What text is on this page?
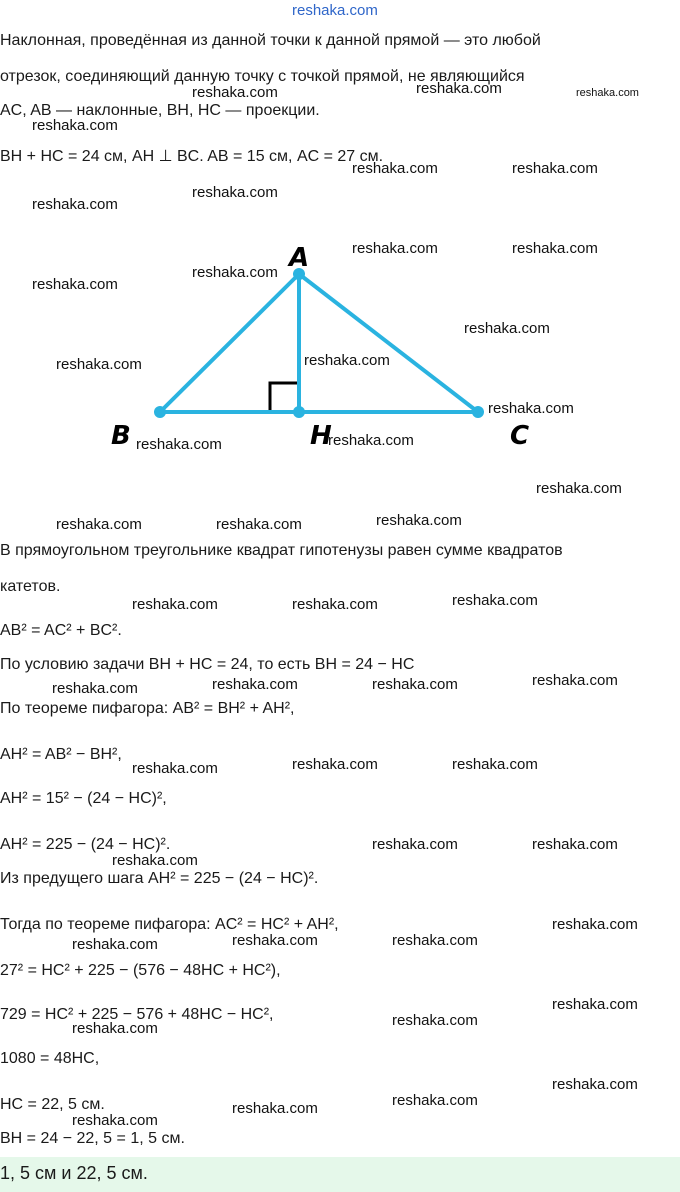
reshaka.com
Наклонная, проведённая из данной точки к данной прямой — это любой
отрезок, соединяющий данную точку с точкой прямой, не являющийся
AC, AB — наклонные, BH, HC — проекции.
BH + HC = 24 см, AH ⊥ BC. AB = 15 см, AC = 27 см.
A
B	H	C
В прямоугольном треугольнике квадрат гипотенузы равен сумме квадратов
катетов.
AB² = AC² + BC².
По условию задачи BH + HC = 24, то есть BH = 24 − HC
По теореме пифагора: AB² = BH² + AH²,
AH² = AB² − BH²,
AH² = 15² − (24 − HC)²,
AH² = 225 − (24 − HC)².
Из предущего шага AH² = 225 − (24 − HC)².
Тогда по теореме пифагора: AC² = HC² + AH²,
27² = HC² + 225 − (576 − 48HC + HC²),
729 = HC² + 225 − 576 + 48HC − HC²,
1080 = 48HC,
HC = 22, 5 см.
BH = 24 − 22, 5 = 1, 5 см.
1, 5 см и 22, 5 см.
reshaka.com	reshaka.com	reshaka.com
reshaka.com
reshaka.com	reshaka.com
reshaka.com
reshaka.com
reshaka.com	reshaka.com
reshaka.com
reshaka.com
reshaka.com
reshaka.com
reshaka.com
reshaka.com
reshaka.com
reshaka.com
reshaka.com
reshaka.com	reshaka.com	reshaka.com
reshaka.com	reshaka.com	reshaka.com
reshaka.com	reshaka.com	reshaka.com	reshaka.com
reshaka.com	reshaka.com	reshaka.com
reshaka.com	reshaka.com
reshaka.com
reshaka.com
reshaka.com	reshaka.com	reshaka.com
reshaka.com
reshaka.com
reshaka.com
reshaka.com
reshaka.com
reshaka.com
reshaka.com
